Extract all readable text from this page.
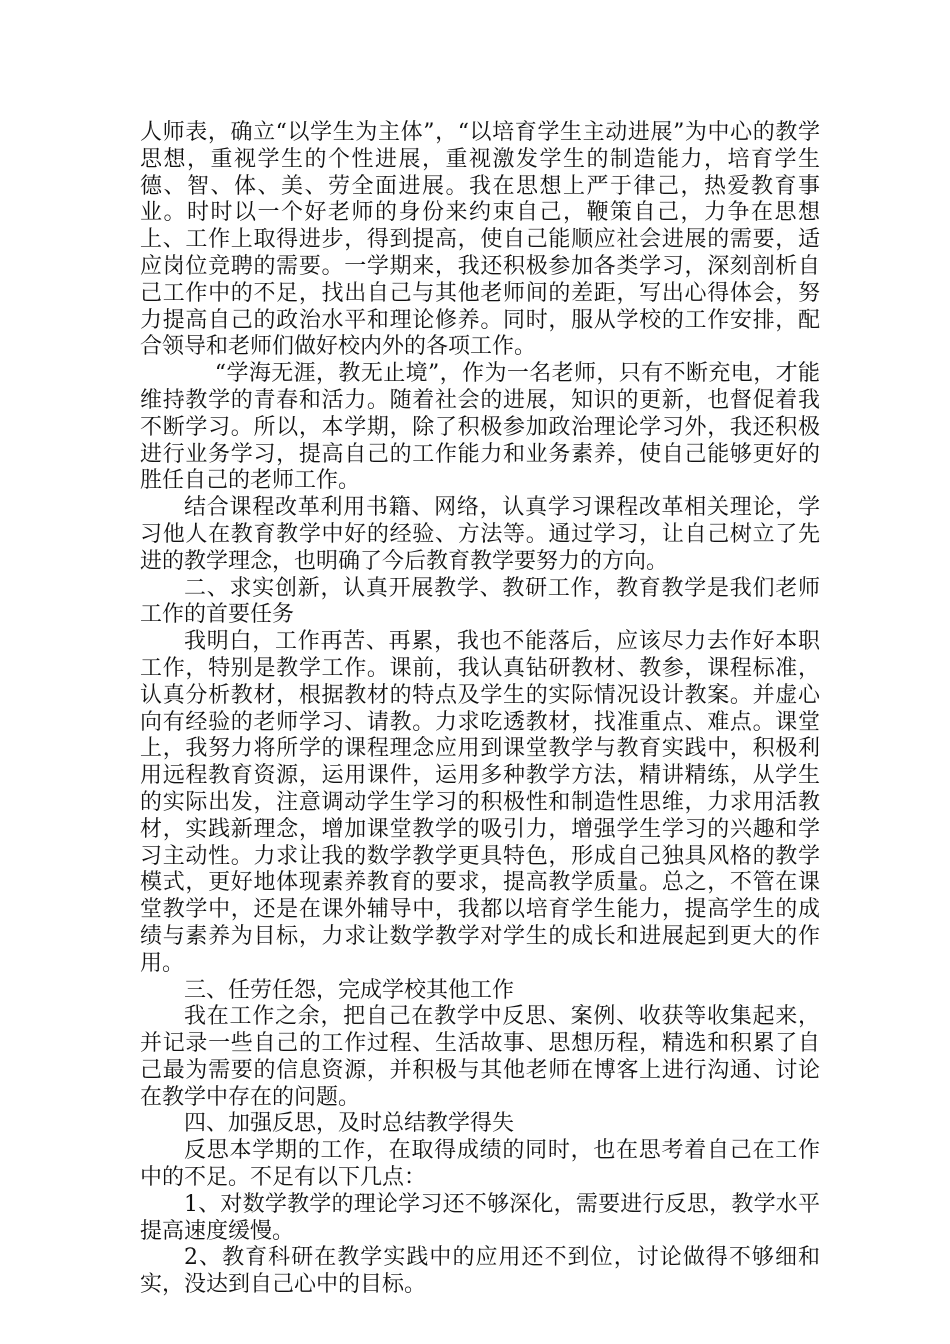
人师表，确立“以学生为主体”，“以培育学生主动进展”为中心的教学思想，重视学生的个性进展，重视激发学生的制造能力，培育学生德、智、体、美、劳全面进展。我在思想上严于律己，热爱教育事业。时时以一个好老师的身份来约束自己，鞭策自己，力争在思想上、工作上取得进步，得到提高，使自己能顺应社会进展的需要，适应岗位竞聘的需要。一学期来，我还积极参加各类学习，深刻剖析自己工作中的不足，找出自己与其他老师间的差距，写出心得体会，努力提高自己的政治水平和理论修养。同时，服从学校的工作安排，配合领导和老师们做好校内外的各项工作。

“学海无涯，教无止境”，作为一名老师，只有不断充电，才能维持教学的青春和活力。随着社会的进展，知识的更新，也督促着我不断学习。所以，本学期，除了积极参加政治理论学习外，我还积极进行业务学习，提高自己的工作能力和业务素养，使自己能够更好的胜任自己的老师工作。

结合课程改革利用书籍、网络，认真学习课程改革相关理论，学习他人在教育教学中好的经验、方法等。通过学习，让自己树立了先进的教学理念，也明确了今后教育教学要努力的方向。

二、求实创新，认真开展教学、教研工作，教育教学是我们老师工作的首要任务

我明白，工作再苦、再累，我也不能落后，应该尽力去作好本职工作，特别是教学工作。课前，我认真钻研教材、教参，课程标准，认真分析教材，根据教材的特点及学生的实际情况设计教案。并虚心向有经验的老师学习、请教。力求吃透教材，找准重点、难点。课堂上，我努力将所学的课程理念应用到课堂教学与教育实践中，积极利用远程教育资源，运用课件，运用多种教学方法，精讲精练，从学生的实际出发，注意调动学生学习的积极性和制造性思维，力求用活教材，实践新理念，增加课堂教学的吸引力，增强学生学习的兴趣和学习主动性。力求让我的数学教学更具特色，形成自己独具风格的教学模式，更好地体现素养教育的要求，提高教学质量。总之，不管在课堂教学中，还是在课外辅导中，我都以培育学生能力，提高学生的成绩与素养为目标，力求让数学教学对学生的成长和进展起到更大的作用。

三、任劳任怨，完成学校其他工作

我在工作之余，把自己在教学中反思、案例、收获等收集起来，并记录一些自己的工作过程、生活故事、思想历程，精选和积累了自己最为需要的信息资源，并积极与其他老师在博客上进行沟通、讨论在教学中存在的问题。

四、加强反思，及时总结教学得失

反思本学期的工作，在取得成绩的同时，也在思考着自己在工作中的不足。不足有以下几点：

1、对数学教学的理论学习还不够深化，需要进行反思，教学水平提高速度缓慢。

2、教育科研在教学实践中的应用还不到位，讨论做得不够细和实，没达到自己心中的目标。
